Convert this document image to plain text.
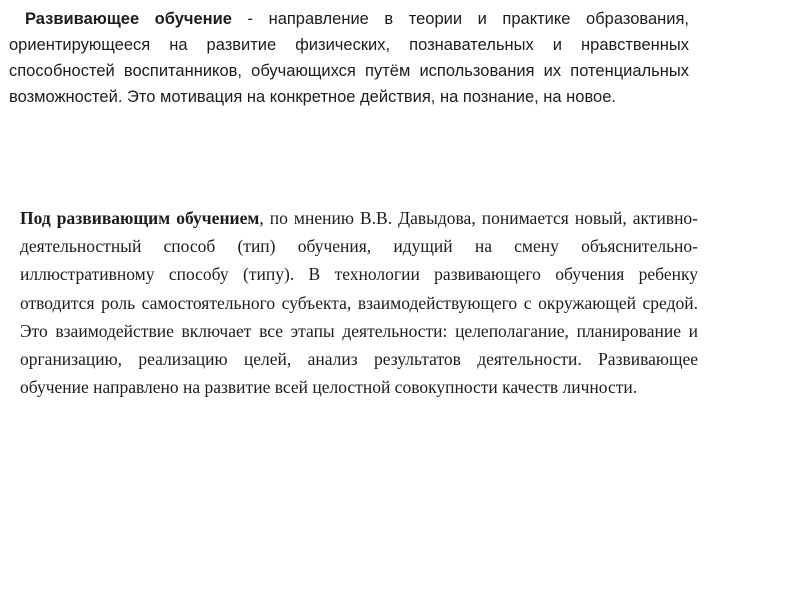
Развивающее обучение - направление в теории и практике образования, ориентирующееся на развитие физических, познавательных и нравственных способностей воспитанников, обучающихся путём использования их потенциальных возможностей. Это мотивация на конкретное действия, на познание, на новое.

Под развивающим обучением, по мнению В.В. Давыдова, понимается новый, активно-деятельностный способ (тип) обучения, идущий на смену объяснительно-иллюстративному способу (типу). В технологии развивающего обучения ребенку отводится роль самостоятельного субъекта, взаимодействующего с окружающей средой. Это взаимодействие включает все этапы деятельности: целеполагание, планирование и организацию, реализацию целей, анализ результатов деятельности. Развивающее обучение направлено на развитие всей целостной совокупности качеств личности.
